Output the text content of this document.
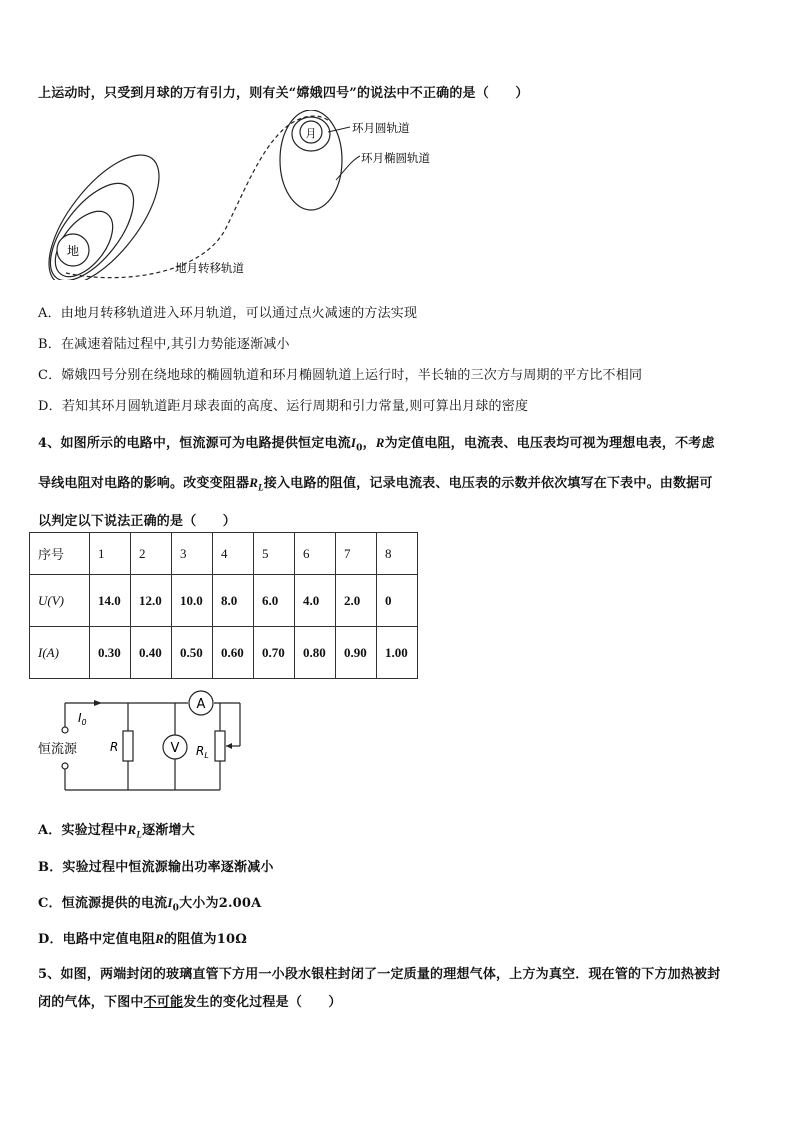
上运动时，只受到月球的万有引力，则有关“嫦娥四号”的说法中不正确的是（　　）
地
月	环月圆轨道
环月椭圆轨道
地月转移轨道
A．由地月转移轨道进入环月轨道，可以通过点火减速的方法实现
B．在减速着陆过程中,其引力势能逐渐减小
C．嫦娥四号分别在绕地球的椭圆轨道和环月椭圆轨道上运行时，半长轴的三次方与周期的平方比不相同
D．若知其环月圆轨道距月球表面的高度、运行周期和引力常量,则可算出月球的密度
4、如图所示的电路中，恒流源可为电路提供恒定电流$I_0$，R为定值电阻，电流表、电压表均可视为理想电表，不考虑
导线电阻对电路的影响。改变变阻器$R_L$接入电路的阻值，记录电流表、电压表的示数并依次填写在下表中。由数据可
以判定以下说法正确的是（　　）
序号	1	2	3	4	5	6	7	8
U(V)	14.0	12.0	10.0	8.0	6.0	4.0	2.0	0
I(A)	0.30	0.40	0.50	0.60	0.70	0.80	0.90	1.00
A
V
$I_0$
恒流源	R	$R_L$
A．实验过程中$R_L$逐渐增大
B．实验过程中恒流源输出功率逐渐减小
C．恒流源提供的电流$I_0$大小为2.00A
D．电路中定值电阻R的阻值为10Ω
5、如图，两端封闭的玻璃直管下方用一小段水银柱封闭了一定质量的理想气体，上方为真空．现在管的下方加热被封
闭的气体，下图中不可能发生的变化过程是（　　）
